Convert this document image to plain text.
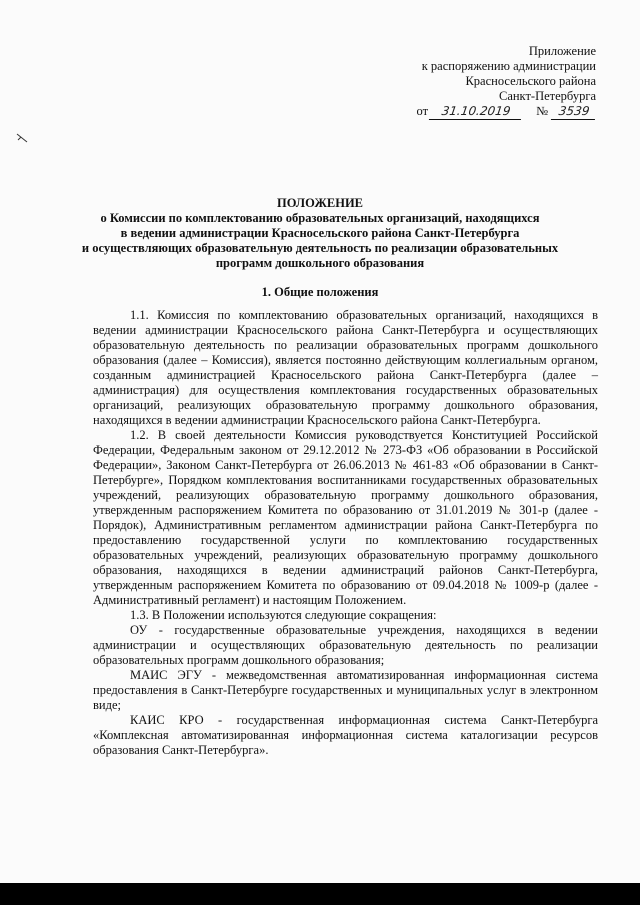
Приложение
к распоряжению администрации
Красносельского района
Санкт-Петербурга
от	31.10.2019	№ 3539
ПОЛОЖЕНИЕ
о Комиссии по комплектованию образовательных организаций, находящихся
в ведении администрации Красносельского района Санкт-Петербурга
и осуществляющих образовательную деятельность по реализации образовательных
программ дошкольного образования
1. Общие положения

1.1. Комиссия по комплектованию образовательных организаций, находящихся в ведении администрации Красносельского района Санкт-Петербурга и осуществляющих образовательную деятельность по реализации образовательных программ дошкольного образования (далее – Комиссия), является постоянно действующим коллегиальным органом, созданным администрацией Красносельского района Санкт-Петербурга (далее – администрация) для осуществления комплектования государственных образовательных организаций, реализующих образовательную программу дошкольного образования, находящихся в ведении администрации Красносельского района Санкт-Петербурга.

1.2. В своей деятельности Комиссия руководствуется Конституцией Российской Федерации, Федеральным законом от 29.12.2012 № 273-ФЗ «Об образовании в Российской Федерации», Законом Санкт-Петербурга от 26.06.2013 № 461-83 «Об образовании в Санкт-Петербурге», Порядком комплектования воспитанниками государственных образовательных учреждений, реализующих образовательную программу дошкольного образования, утвержденным распоряжением Комитета по образованию от 31.01.2019 № 301-р (далее - Порядок), Административным регламентом администрации района Санкт-Петербурга по предоставлению государственной услуги по комплектованию государственных образовательных учреждений, реализующих образовательную программу дошкольного образования, находящихся в ведении администраций районов Санкт-Петербурга, утвержденным распоряжением Комитета по образованию от 09.04.2018 № 1009-р (далее - Административный регламент) и настоящим Положением.

1.3. В Положении используются следующие сокращения:

ОУ - государственные образовательные учреждения, находящихся в ведении администрации и осуществляющих образовательную деятельность по реализации образовательных программ дошкольного образования;

МАИС ЭГУ - межведомственная автоматизированная информационная система предоставления в Санкт-Петербурге государственных и муниципальных услуг в электронном виде;

КАИС КРО - государственная информационная система Санкт-Петербурга «Комплексная автоматизированная информационная система каталогизации ресурсов образования Санкт-Петербурга».
